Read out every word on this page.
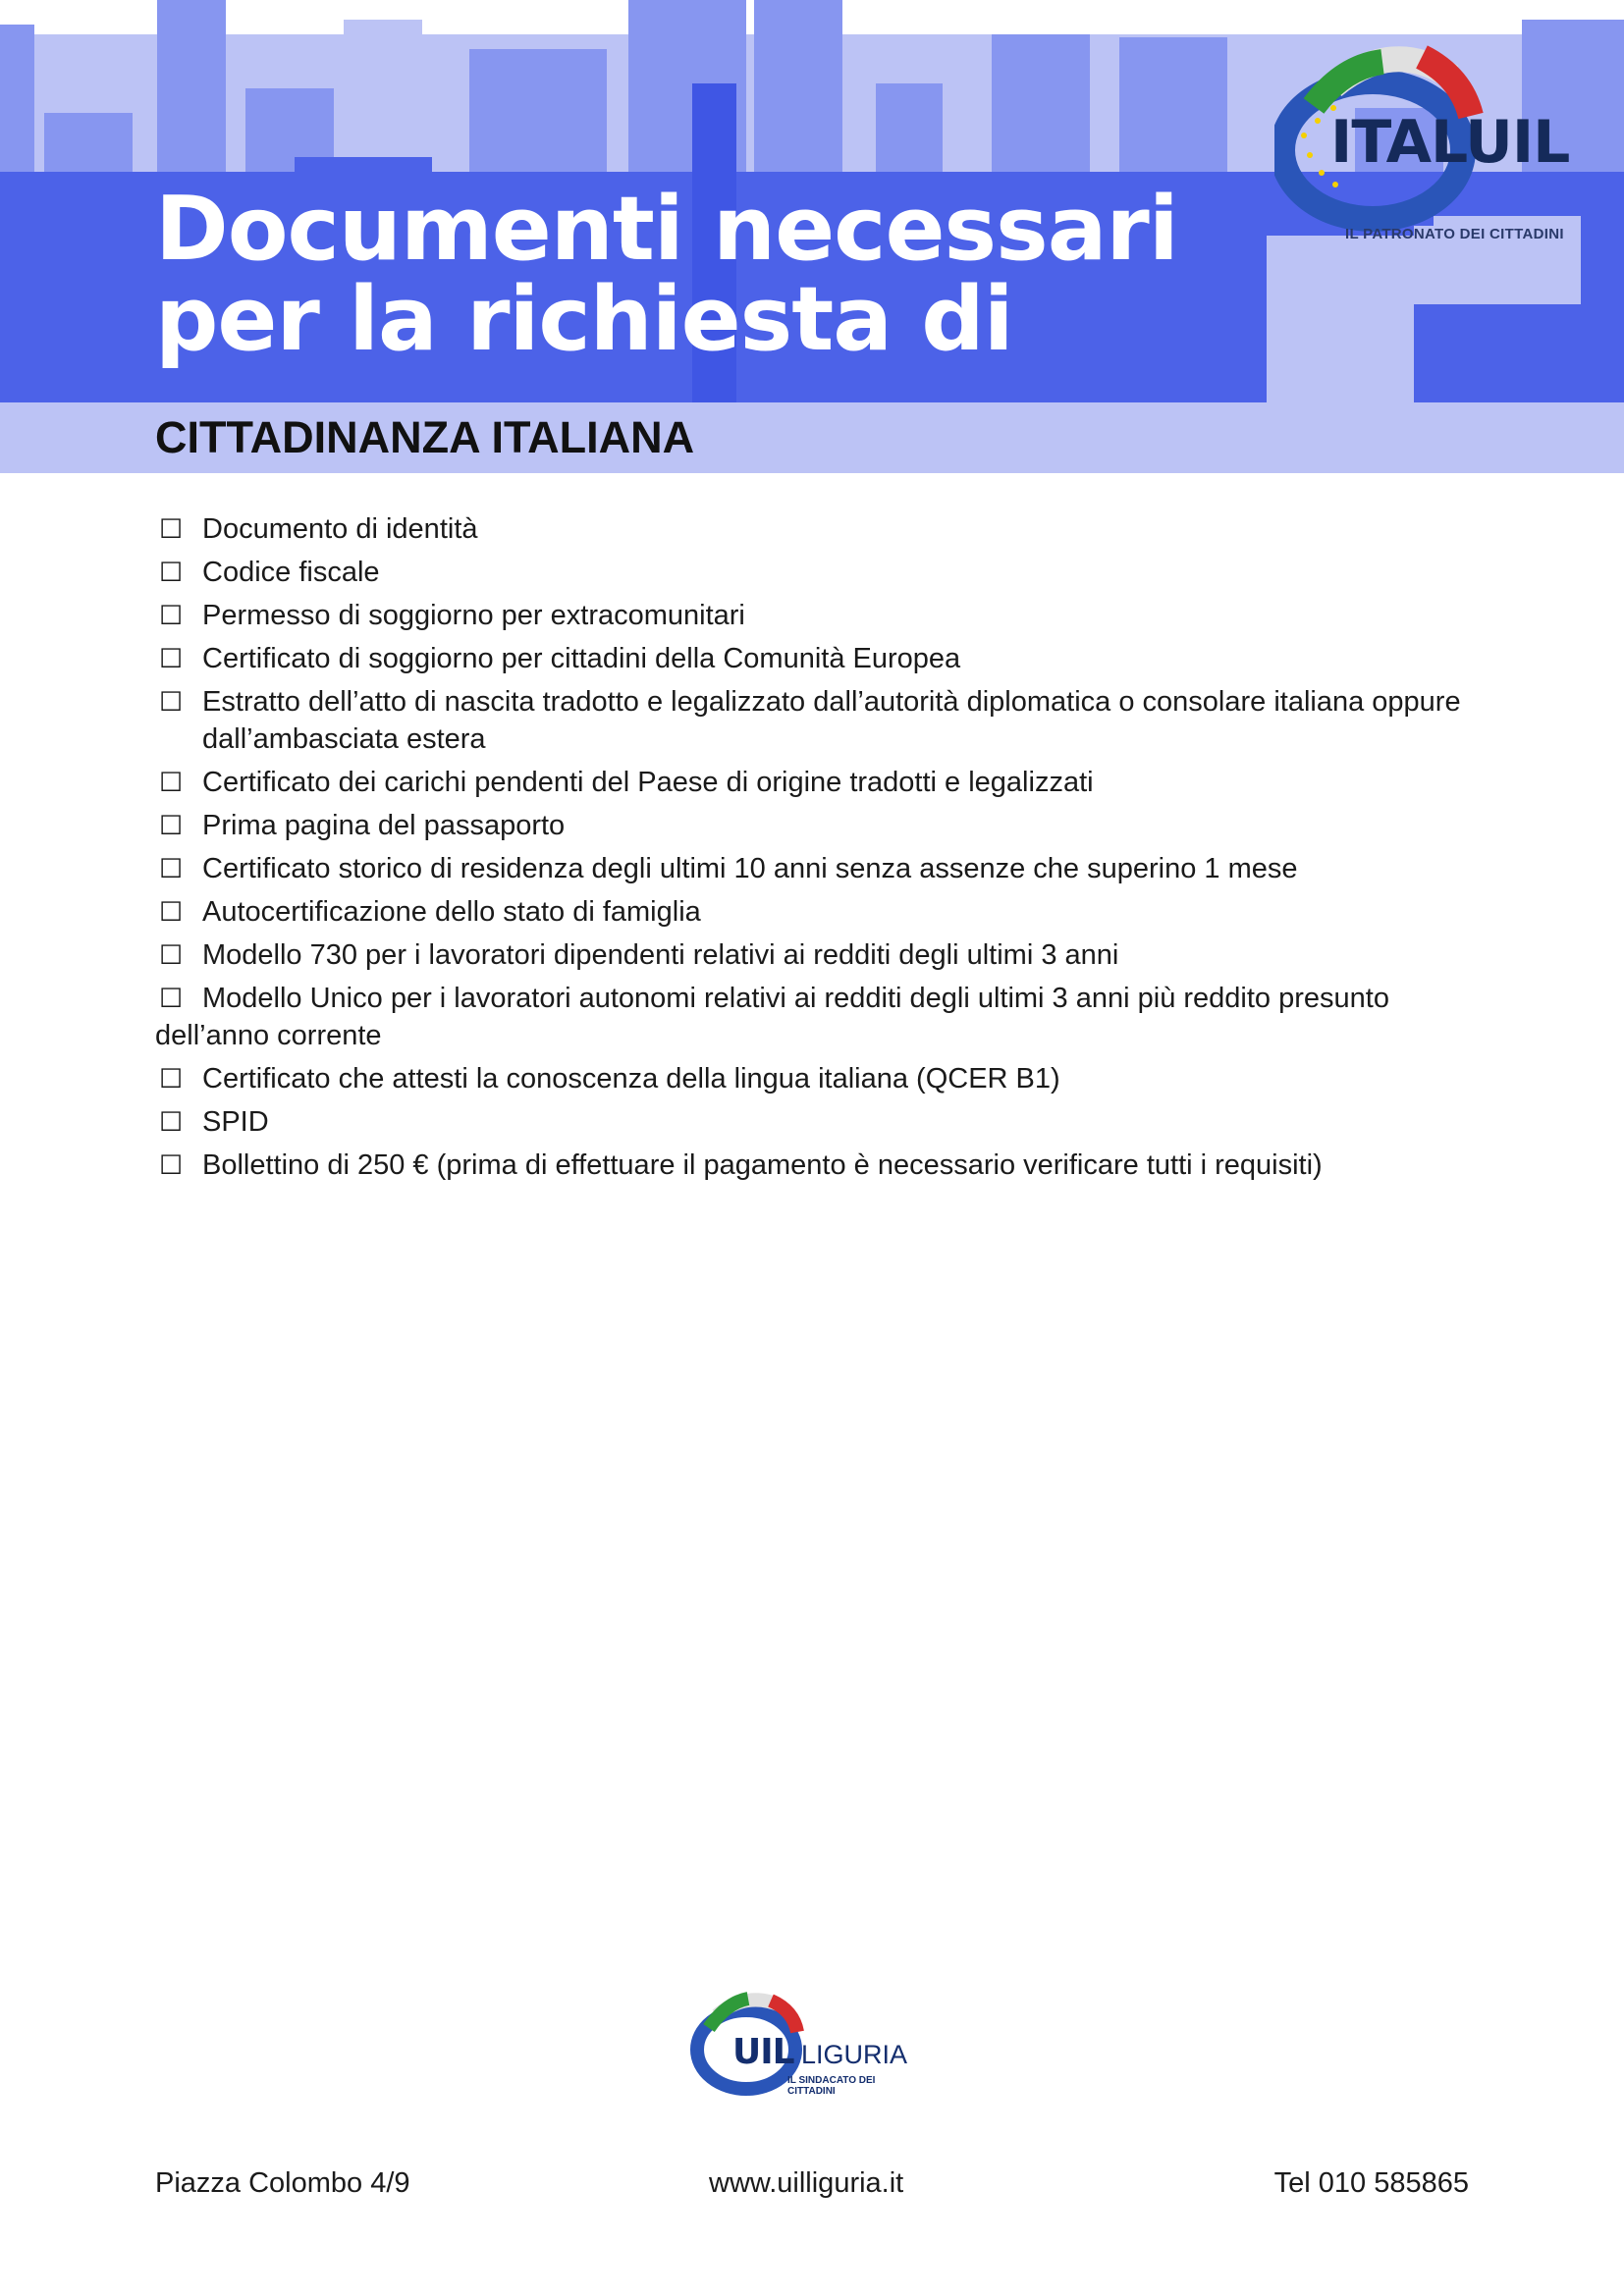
Documenti necessari
per la richiesta di
ITALUIL
IL PATRONATO DEI CITTADINI
CITTADINANZA ITALIANA
☐ Documento di identità
☐ Codice fiscale
☐ Permesso di soggiorno per extracomunitari
☐ Certificato di soggiorno per cittadini della Comunità Europea
☐ Estratto dell’atto di nascita tradotto e legalizzato dall’autorità diplomatica o consolare italiana oppure dall’ambasciata estera
☐ Certificato dei carichi pendenti del Paese di origine tradotti e legalizzati
☐ Prima pagina del passaporto
☐ Certificato storico di residenza degli ultimi 10 anni senza assenze che superino 1 mese
☐ Autocertificazione dello stato di famiglia
☐ Modello 730 per i lavoratori dipendenti relativi ai redditi degli ultimi 3 anni
☐ Modello Unico per i lavoratori autonomi relativi ai redditi degli ultimi 3 anni più reddito presunto dell’anno corrente
☐ Certificato che attesti la conoscenza della lingua italiana (QCER B1)
☐ SPID
☐ Bollettino di 250 € (prima di effettuare il pagamento è necessario verificare tutti i requisiti)
UIL LIGURIA
IL SINDACATO DEI CITTADINI
Piazza Colombo 4/9	www.uilliguria.it	Tel 010 585865
